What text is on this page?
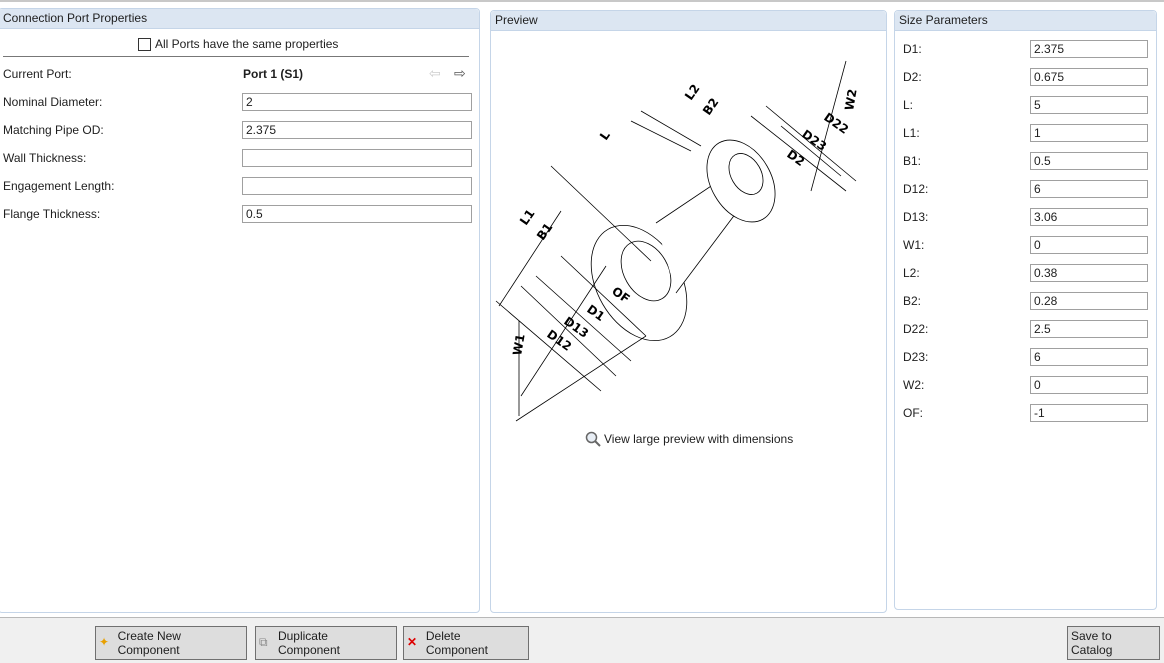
Connection Port Properties
All Ports have the same properties
Current Port:	Port 1 (S1)	⇦ ⇨
Nominal Diameter:	2
Matching Pipe OD:	2.375
Wall Thickness:
Engagement Length:
Flange Thickness:	0.5
Preview
L
L1
B1
L2
B2
OF
D1
D13
D12
D2
D23
D22
W1
W2
View large preview with dimensions
Size Parameters
D1:	2.375
D2:	0.675
L:	5
L1:	1
B1:	0.5
D12:	6
D13:	3.06
W1:	0
L2:	0.38
B2:	0.28
D22:	2.5
D23:	6
W2:	0
OF:	-1
✦ Create New Component
⧉ Duplicate Component
✕ Delete Component
Save to Catalog
